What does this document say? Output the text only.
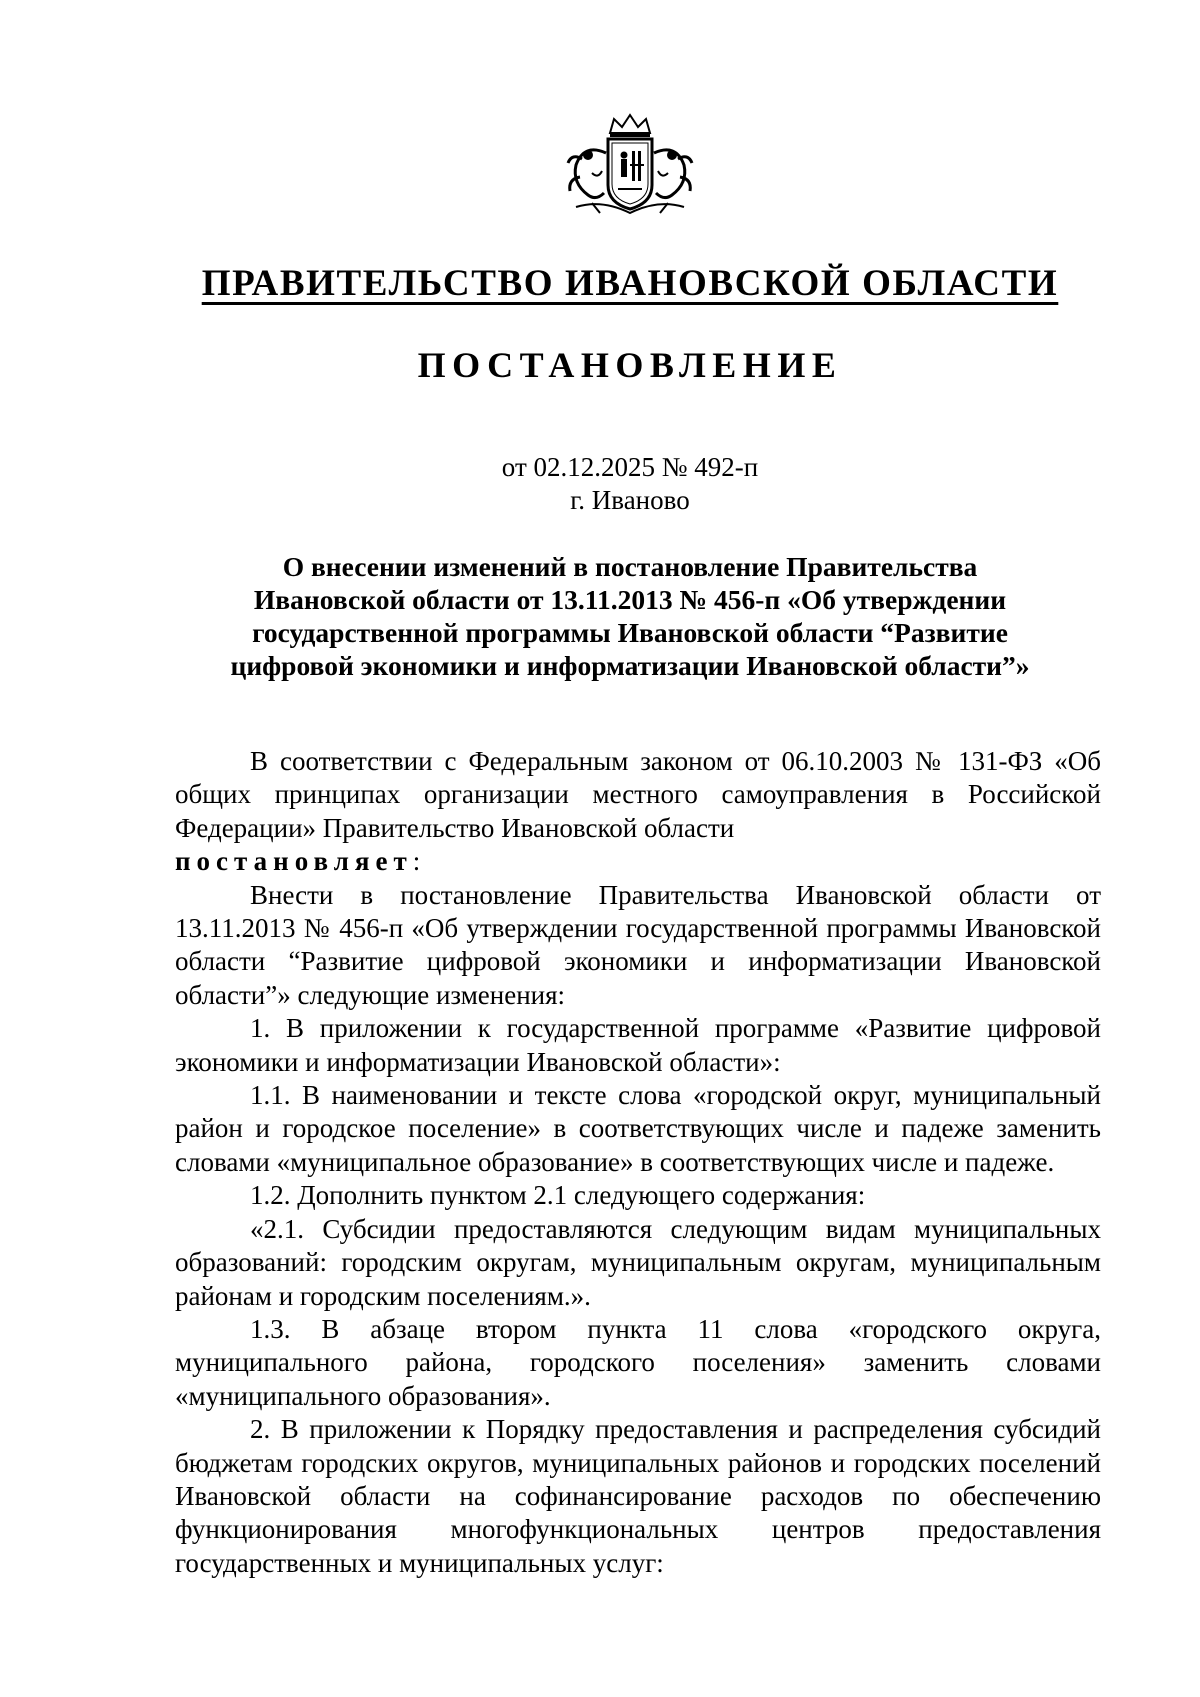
ПРАВИТЕЛЬСТВО ИВАНОВСКОЙ ОБЛАСТИ
ПОСТАНОВЛЕНИЕ
от 02.12.2025 № 492-п
г. Иваново
О внесении изменений в постановление Правительства
Ивановской области от 13.11.2013 № 456-п «Об утверждении
государственной программы Ивановской области “Развитие
цифровой экономики и информатизации Ивановской области”»

В соответствии с Федеральным законом от 06.10.2003 № 131-ФЗ «Об общих принципах организации местного самоуправления в Российской Федерации» Правительство Ивановской области

постановляет:

Внести в постановление Правительства Ивановской области от 13.11.2013 № 456-п «Об утверждении государственной программы Ивановской области “Развитие цифровой экономики и информатизации Ивановской области”» следующие изменения:

1. В приложении к государственной программе «Развитие цифровой экономики и информатизации Ивановской области»:

1.1. В наименовании и тексте слова «городской округ, муниципальный район и городское поселение» в соответствующих числе и падеже заменить словами «муниципальное образование» в соответствующих числе и падеже.

1.2. Дополнить пунктом 2.1 следующего содержания:

«2.1. Субсидии предоставляются следующим видам муниципальных образований: городским округам, муниципальным округам, муниципальным районам и городским поселениям.».

1.3. В абзаце втором пункта 11 слова «городского округа, муниципального района, городского поселения» заменить словами «муниципального образования».

2. В приложении к Порядку предоставления и распределения субсидий бюджетам городских округов, муниципальных районов и городских поселений Ивановской области на софинансирование расходов по обеспечению функционирования многофункциональных центров предоставления государственных и муниципальных услуг:
